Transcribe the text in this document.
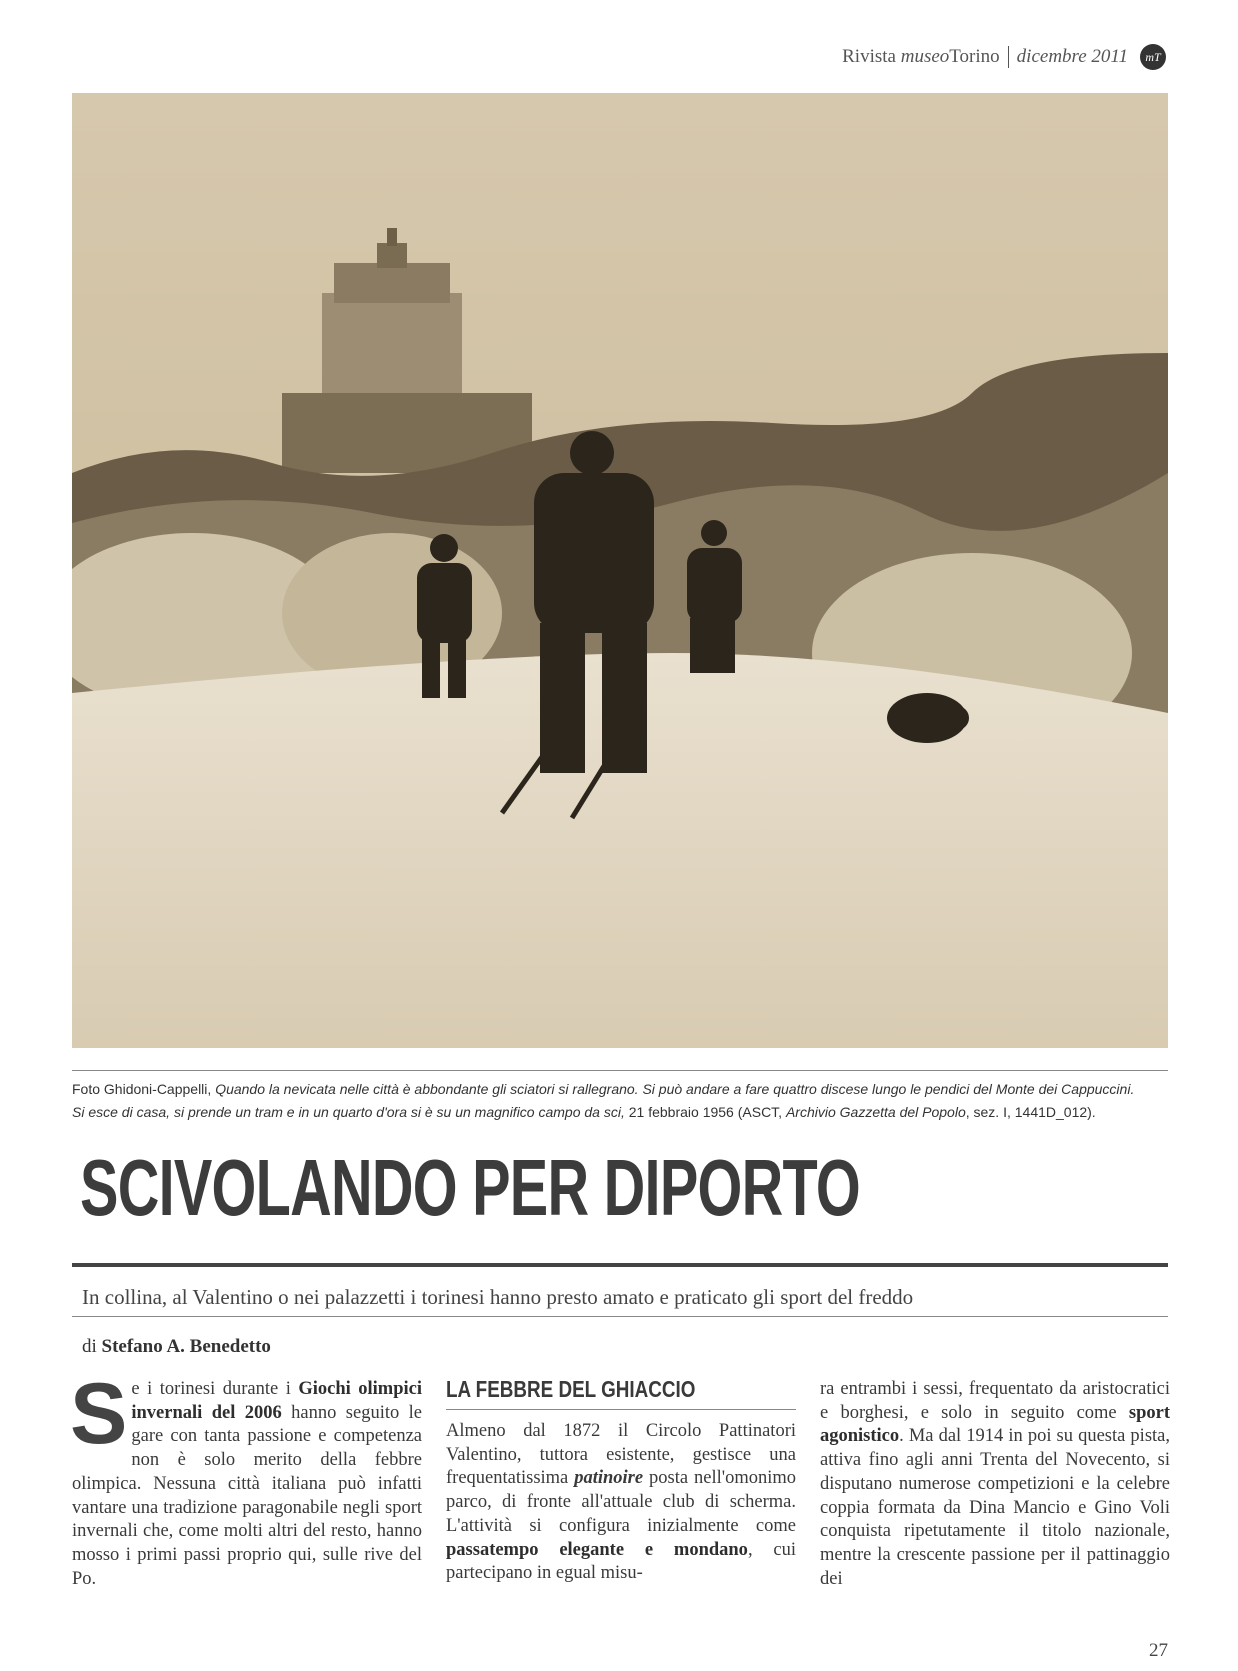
Rivista
museo Torino dicembre 2011	mT
Foto Ghidoni-Cappelli, Quando la nevicata nelle città è abbondante gli sciatori si rallegrano. Si può andare a fare quattro discese lungo le pendici del Monte dei Cappuccini.
Si esce di casa, si prende un tram e in un quarto d'ora si è su un magnifico campo da sci, 21 febbraio 1956 (ASCT, Archivio Gazzetta del Popolo, sez. I, 1441D_012).
SCIVOLANDO PER DIPORTO
In collina, al Valentino o nei palazzetti i torinesi hanno presto amato e praticato gli sport del freddo
di Stefano A. Benedetto
Se i torinesi durante i Giochi olimpici invernali del 2006 hanno seguito le gare con tanta passione e competenza non è solo merito della febbre olimpica. Nessuna città italiana può infatti vantare una tradizione paragonabile negli sport invernali che, come molti altri del resto, hanno mosso i primi passi proprio qui, sulle rive del Po.
LA FEBBRE DEL GHIACCIO
Almeno dal 1872 il Circolo Pattinatori Valentino, tuttora esistente, gestisce una frequentatissima patinoire posta nell'omonimo parco, di fronte all'attuale club di scherma. L'attività si configura inizialmente come passatempo elegante e mondano, cui partecipano in egual misu-
ra entrambi i sessi, frequentato da aristocratici e borghesi, e solo in seguito come sport agonistico. Ma dal 1914 in poi su questa pista, attiva fino agli anni Trenta del Novecento, si disputano numerose competizioni e la celebre coppia formata da Dina Mancio e Gino Voli conquista ripetutamente il titolo nazionale, mentre la crescente passione per il pattinaggio dei
27
